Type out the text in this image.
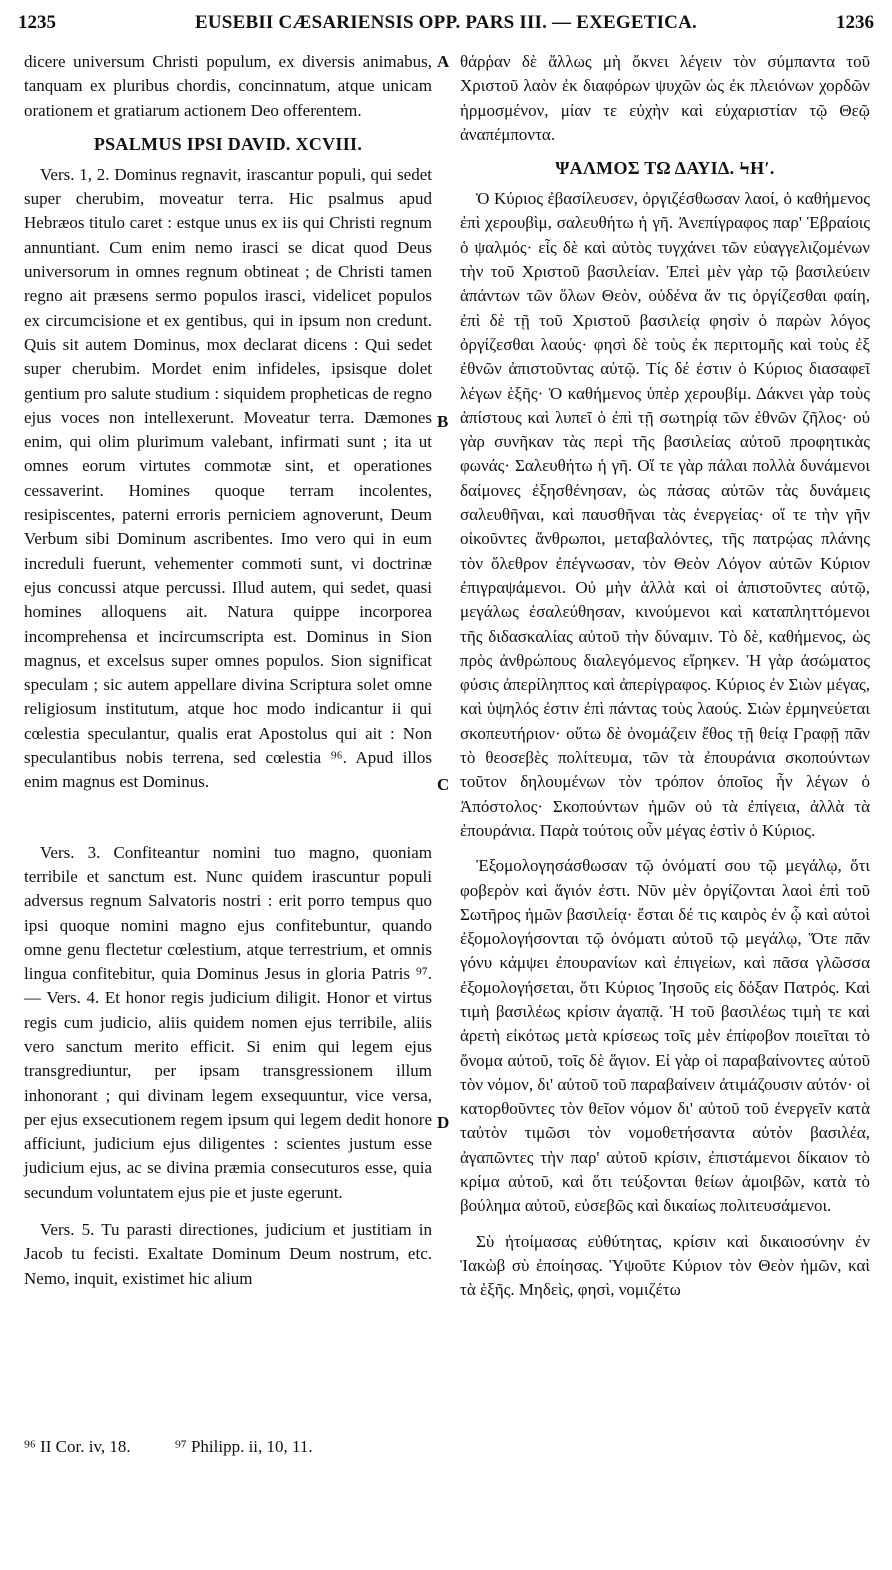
1235	EUSEBII CÆSARIENSIS OPP. PARS III. — EXEGETICA.	1236

dicere universum Christi populum, ex diversis animabus, tanquam ex pluribus chordis, concinnatum, atque unicam orationem et gratiarum actionem Deo offerentem.

PSALMUS IPSI DAVID. XCVIII.

Vers. 1, 2. Dominus regnavit, irascantur populi, qui sedet super cherubim, moveatur terra. Hic psalmus apud Hebræos titulo caret : estque unus ex iis qui Christi regnum annuntiant. Cum enim nemo irasci se dicat quod Deus universorum in omnes regnum obtineat ; de Christi tamen regno ait præsens sermo populos irasci, videlicet populos ex circumcisione et ex gentibus, qui in ipsum non credunt. Quis sit autem Dominus, mox declarat dicens : Qui sedet super cherubim. Mordet enim infideles, ipsisque dolet gentium pro salute studium : siquidem propheticas de regno ejus voces non intellexerunt. Moveatur terra. Dæmones enim, qui olim plurimum valebant, infirmati sunt ; ita ut omnes eorum virtutes commotæ sint, et operationes cessaverint. Homines quoque terram incolentes, resipiscentes, paterni erroris perniciem agnoverunt, Deum Verbum sibi Dominum ascribentes. Imo vero qui in eum increduli fuerunt, vehementer commoti sunt, vi doctrinæ ejus concussi atque percussi. Illud autem, qui sedet, quasi homines alloquens ait. Natura quippe incorporea incomprehensa et incircumscripta est. Dominus in Sion magnus, et excelsus super omnes populos. Sion significat speculam ; sic autem appellare divina Scriptura solet omne religiosum institutum, atque hoc modo indicantur ii qui cœlestia speculantur, qualis erat Apostolus qui ait : Non speculantibus nobis terrena, sed cœlestia ⁹⁶. Apud illos enim magnus est Dominus.

Vers. 3. Confiteantur nomini tuo magno, quoniam terribile et sanctum est. Nunc quidem irascuntur populi adversus regnum Salvatoris nostri : erit porro tempus quo ipsi quoque nomini magno ejus confitebuntur, quando omne genu flectetur cœlestium, atque terrestrium, et omnis lingua confitebitur, quia Dominus Jesus in gloria Patris ⁹⁷. — Vers. 4. Et honor regis judicium diligit. Honor et virtus regis cum judicio, aliis quidem nomen ejus terribile, aliis vero sanctum merito efficit. Si enim qui legem ejus transgrediuntur, per ipsam transgressionem illum inhonorant ; qui divinam legem exsequuntur, vice versa, per ejus exsecutionem regem ipsum qui legem dedit honore afficiunt, judicium ejus diligentes : scientes justum esse judicium ejus, ac se divina præmia consecuturos esse, quia secundum voluntatem ejus pie et juste egerunt.

Vers. 5. Tu parasti directiones, judicium et justitiam in Jacob tu fecisti. Exaltate Dominum Deum nostrum, etc. Nemo, inquit, existimet hic alium

A
B
C
D

θάρῥαν δὲ ἄλλως μὴ ὄκνει λέγειν τὸν σύμπαντα τοῦ Χριστοῦ λαὸν ἐκ διαφόρων ψυχῶν ὡς ἐκ πλειόνων χορδῶν ἡρμοσμένον, μίαν τε εὐχὴν καὶ εὐχαριστίαν τῷ Θεῷ ἀναπέμποντα.

ΨΑΛΜΟΣ ΤΩ ΔΑΥΙΔ. ϞΗʹ.

Ὁ Κύριος ἐβασίλευσεν, ὀργιζέσθωσαν λαοί, ὁ καθήμενος ἐπὶ χερουβὶμ, σαλευθήτω ἡ γῆ. Ἀνεπίγραφος παρ' Ἑβραίοις ὁ ψαλμός· εἷς δὲ καὶ αὐτὸς τυγχάνει τῶν εὐαγγελιζομένων τὴν τοῦ Χριστοῦ βασιλείαν. Ἐπεὶ μὲν γὰρ τῷ βασιλεύειν ἁπάντων τῶν ὅλων Θεὸν, οὐδένα ἄν τις ὀργίζεσθαι φαίη, ἐπὶ δὲ τῇ τοῦ Χριστοῦ βασιλείᾳ φησὶν ὁ παρὼν λόγος ὀργίζεσθαι λαούς· φησὶ δὲ τοὺς ἐκ περιτομῆς καὶ τοὺς ἐξ ἐθνῶν ἀπιστοῦντας αὐτῷ. Τίς δέ ἐστιν ὁ Κύριος διασαφεῖ λέγων ἑξῆς· Ὁ καθήμενος ὑπὲρ χερουβίμ. Δάκνει γὰρ τοὺς ἀπίστους καὶ λυπεῖ ὁ ἐπὶ τῇ σωτηρίᾳ τῶν ἐθνῶν ζῆλος· οὐ γὰρ συνῆκαν τὰς περὶ τῆς βασιλείας αὐτοῦ προφητικὰς φωνάς· Σαλευθήτω ἡ γῆ. Οἵ τε γὰρ πάλαι πολλὰ δυνάμενοι δαίμονες ἐξησθένησαν, ὡς πάσας αὐτῶν τὰς δυνάμεις σαλευθῆναι, καὶ παυσθῆναι τὰς ἐνεργείας· οἵ τε τὴν γῆν οἰκοῦντες ἄνθρωποι, μεταβαλόντες, τῆς πατρῴας πλάνης τὸν ὄλεθρον ἐπέγνωσαν, τὸν Θεὸν Λόγον αὐτῶν Κύριον ἐπιγραψάμενοι. Οὐ μὴν ἀλλὰ καὶ οἱ ἀπιστοῦντες αὐτῷ, μεγάλως ἐσαλεύθησαν, κινούμενοι καὶ καταπληττόμενοι τῆς διδασκαλίας αὐτοῦ τὴν δύναμιν. Τὸ δὲ, καθήμενος, ὡς πρὸς ἀνθρώπους διαλεγόμενος εἴρηκεν. Ἡ γὰρ ἀσώματος φύσις ἀπερίληπτος καὶ ἀπερίγραφος. Κύριος ἐν Σιὼν μέγας, καὶ ὑψηλός ἐστιν ἐπὶ πάντας τοὺς λαούς. Σιὼν ἑρμηνεύεται σκοπευτήριον· οὕτω δὲ ὀνομάζειν ἔθος τῇ θείᾳ Γραφῇ πᾶν τὸ θεοσεβὲς πολίτευμα, τῶν τὰ ἐπουράνια σκοπούντων τοῦτον δηλουμένων τὸν τρόπον ὁποῖος ἦν λέγων ὁ Ἀπόστολος· Σκοπούντων ἡμῶν οὐ τὰ ἐπίγεια, ἀλλὰ τὰ ἐπουράνια. Παρὰ τούτοις οὖν μέγας ἐστὶν ὁ Κύριος.

Ἐξομολογησάσθωσαν τῷ ὀνόματί σου τῷ μεγάλῳ, ὅτι φοβερὸν καὶ ἅγιόν ἐστι. Νῦν μὲν ὀργίζονται λαοὶ ἐπὶ τοῦ Σωτῆρος ἡμῶν βασιλείᾳ· ἔσται δέ τις καιρὸς ἐν ᾧ καὶ αὐτοὶ ἐξομολογήσονται τῷ ὀνόματι αὐτοῦ τῷ μεγάλῳ, Ὅτε πᾶν γόνυ κάμψει ἐπουρανίων καὶ ἐπιγείων, καὶ πᾶσα γλῶσσα ἐξομολογήσεται, ὅτι Κύριος Ἰησοῦς εἰς δόξαν Πατρός. Καὶ τιμὴ βασιλέως κρίσιν ἀγαπᾷ. Ἡ τοῦ βασιλέως τιμὴ τε καὶ ἀρετὴ εἰκότως μετὰ κρίσεως τοῖς μὲν ἐπίφοβον ποιεῖται τὸ ὄνομα αὐτοῦ, τοῖς δὲ ἅγιον. Εἰ γὰρ οἱ παραβαίνοντες αὐτοῦ τὸν νόμον, δι' αὐτοῦ τοῦ παραβαίνειν ἀτιμάζουσιν αὐτόν· οἱ κατορθοῦντες τὸν θεῖον νόμον δι' αὐτοῦ τοῦ ἐνεργεῖν κατὰ ταὐτὸν τιμῶσι τὸν νομοθετήσαντα αὐτὸν βασιλέα, ἀγαπῶντες τὴν παρ' αὐτοῦ κρίσιν, ἐπιστάμενοι δίκαιον τὸ κρίμα αὐτοῦ, καὶ ὅτι τεύξονται θείων ἀμοιβῶν, κατὰ τὸ βούλημα αὐτοῦ, εὐσεβῶς καὶ δικαίως πολιτευσάμενοι.

Σὺ ἡτοίμασας εὐθύτητας, κρίσιν καὶ δικαιοσύνην ἐν Ἰακὼβ σὺ ἐποίησας. Ὑψοῦτε Κύριον τὸν Θεὸν ἡμῶν, καὶ τὰ ἑξῆς. Μηδεὶς, φησὶ, νομιζέτω

⁹⁶ II Cor. iv, 18.	⁹⁷ Philipp. ii, 10, 11.
